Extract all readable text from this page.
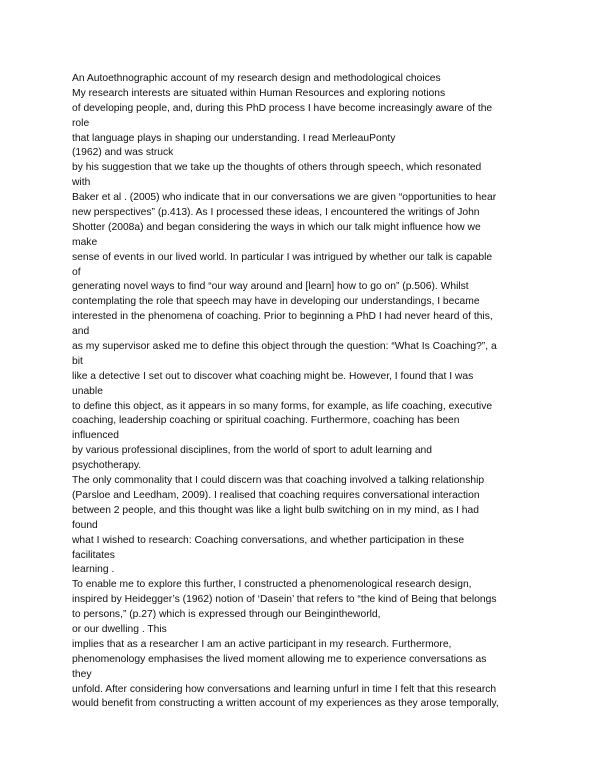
An Autoethnographic account of my research design and methodological choices
My research interests are situated within Human Resources and exploring notions
of developing people, and, during this PhD process I have become increasingly aware of the
role
that language plays in shaping our understanding. I read MerleauPonty
(1962) and was struck
by his suggestion that we take up the thoughts of others through speech, which resonated
with
Baker et al . (2005) who indicate that in our conversations we are given “opportunities to hear
new perspectives” (p.413). As I processed these ideas, I encountered the writings of John
Shotter (2008a) and began considering the ways in which our talk might influence how we
make
sense of events in our lived world. In particular I was intrigued by whether our talk is capable
of
generating novel ways to find “our way around and [learn] how to go on” (p.506). Whilst
contemplating the role that speech may have in developing our understandings, I became
interested in the phenomena of coaching. Prior to beginning a PhD I had never heard of this,
and
as my supervisor asked me to define this object through the question: “What Is Coaching?”, a
bit
like a detective I set out to discover what coaching might be. However, I found that I was
unable
to define this object, as it appears in so many forms, for example, as life coaching, executive
coaching, leadership coaching or spiritual coaching. Furthermore, coaching has been
influenced
by various professional disciplines, from the world of sport to adult learning and
psychotherapy.
The only commonality that I could discern was that coaching involved a talking relationship
(Parsloe and Leedham, 2009). I realised that coaching requires conversational interaction
between 2 people, and this thought was like a light bulb switching on in my mind, as I had
found
what I wished to research: Coaching conversations, and whether participation in these
facilitates
learning .
To enable me to explore this further, I constructed a phenomenological research design,
inspired by Heidegger’s (1962) notion of ‘Dasein’ that refers to “the kind of Being that belongs
to persons,” (p.27) which is expressed through our Beingintheworld,
or our dwelling . This
implies that as a researcher I am an active participant in my research. Furthermore,
phenomenology emphasises the lived moment allowing me to experience conversations as
they
unfold. After considering how conversations and learning unfurl in time I felt that this research
would benefit from constructing a written account of my experiences as they arose temporally,
